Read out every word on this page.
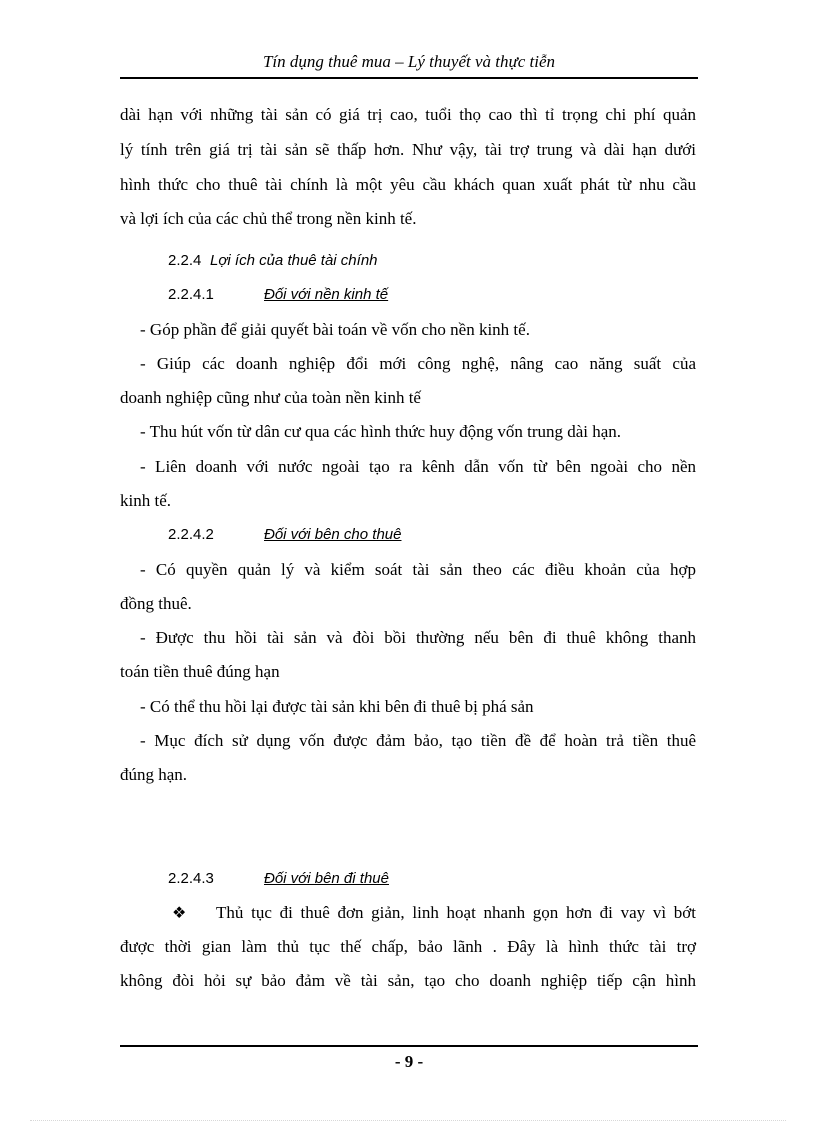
Tín dụng thuê mua – Lý thuyết và thực tiễn
dài hạn với những tài sản có giá trị cao, tuổi thọ cao thì tỉ trọng chi phí quản
lý tính trên giá trị tài sản sẽ thấp hơn. Như vậy, tài trợ trung và dài hạn dưới
hình thức cho thuê tài chính là một yêu cầu khách quan xuất phát từ nhu cầu
và lợi ích của các chủ thể trong nền kinh tế.
2.2.4 Lợi ích của thuê tài chính
2.2.4.1	Đối với nền kinh tế
- Góp phần để giải quyết bài toán về vốn cho nền kinh tế.
- Giúp các doanh nghiệp đổi mới công nghệ, nâng cao năng suất của
doanh nghiệp cũng như của toàn nền kinh tế
- Thu hút vốn từ dân cư qua các hình thức huy động vốn trung dài hạn.
- Liên doanh với nước ngoài tạo ra kênh dẫn vốn từ bên ngoài cho nền
kinh tế.
2.2.4.2	Đối với bên cho thuê
- Có quyền quản lý và kiểm soát tài sản theo các điều khoản của hợp
đồng thuê.
- Được thu hồi tài sản và đòi bồi thường nếu bên đi thuê không thanh
toán tiền thuê đúng hạn
- Có thể thu hồi lại được tài sản khi bên đi thuê bị phá sản
- Mục đích sử dụng vốn được đảm bảo, tạo tiền đề để hoàn trả tiền thuê
đúng hạn.
2.2.4.3	Đối với bên đi thuê
❖	Thủ tục đi thuê đơn giản, linh hoạt nhanh gọn hơn đi vay vì bớt
được thời gian làm thủ tục thế chấp, bảo lãnh . Đây là hình thức tài trợ
không đòi hỏi sự bảo đảm về tài sản, tạo cho doanh nghiệp tiếp cận hình
- 9 -
